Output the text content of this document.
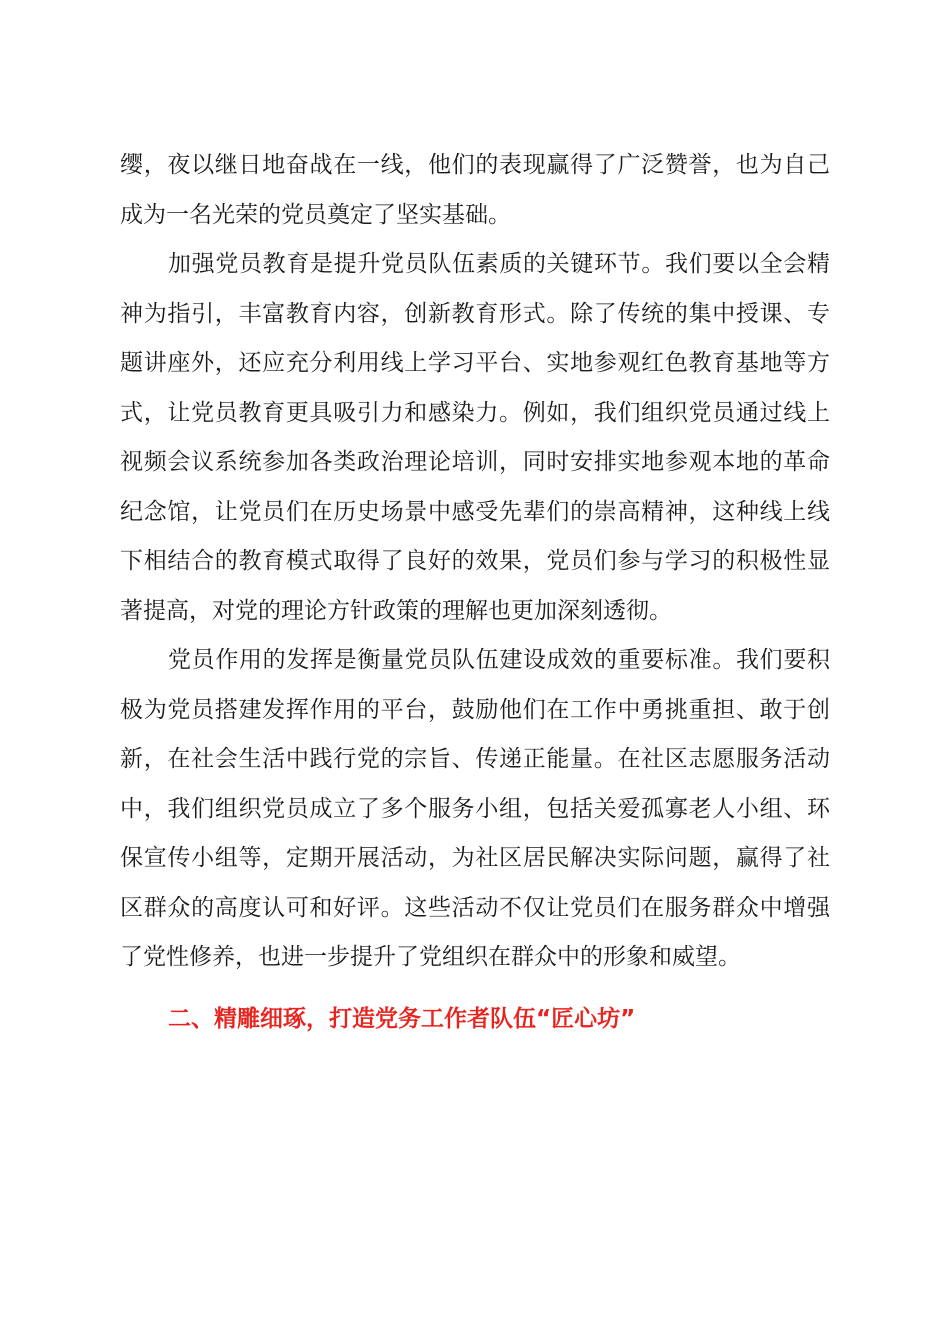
缨，夜以继日地奋战在一线，他们的表现赢得了广泛赞誉，也为自己成为一名光荣的党员奠定了坚实基础。

加强党员教育是提升党员队伍素质的关键环节。我们要以全会精神为指引，丰富教育内容，创新教育形式。除了传统的集中授课、专题讲座外，还应充分利用线上学习平台、实地参观红色教育基地等方式，让党员教育更具吸引力和感染力。例如，我们组织党员通过线上视频会议系统参加各类政治理论培训，同时安排实地参观本地的革命纪念馆，让党员们在历史场景中感受先辈们的崇高精神，这种线上线下相结合的教育模式取得了良好的效果，党员们参与学习的积极性显著提高，对党的理论方针政策的理解也更加深刻透彻。

党员作用的发挥是衡量党员队伍建设成效的重要标准。我们要积极为党员搭建发挥作用的平台，鼓励他们在工作中勇挑重担、敢于创新，在社会生活中践行党的宗旨、传递正能量。在社区志愿服务活动中，我们组织党员成立了多个服务小组，包括关爱孤寡老人小组、环保宣传小组等，定期开展活动，为社区居民解决实际问题，赢得了社区群众的高度认可和好评。这些活动不仅让党员们在服务群众中增强了党性修养，也进一步提升了党组织在群众中的形象和威望。

二、精雕细琢，打造党务工作者队伍“匠心坊”
